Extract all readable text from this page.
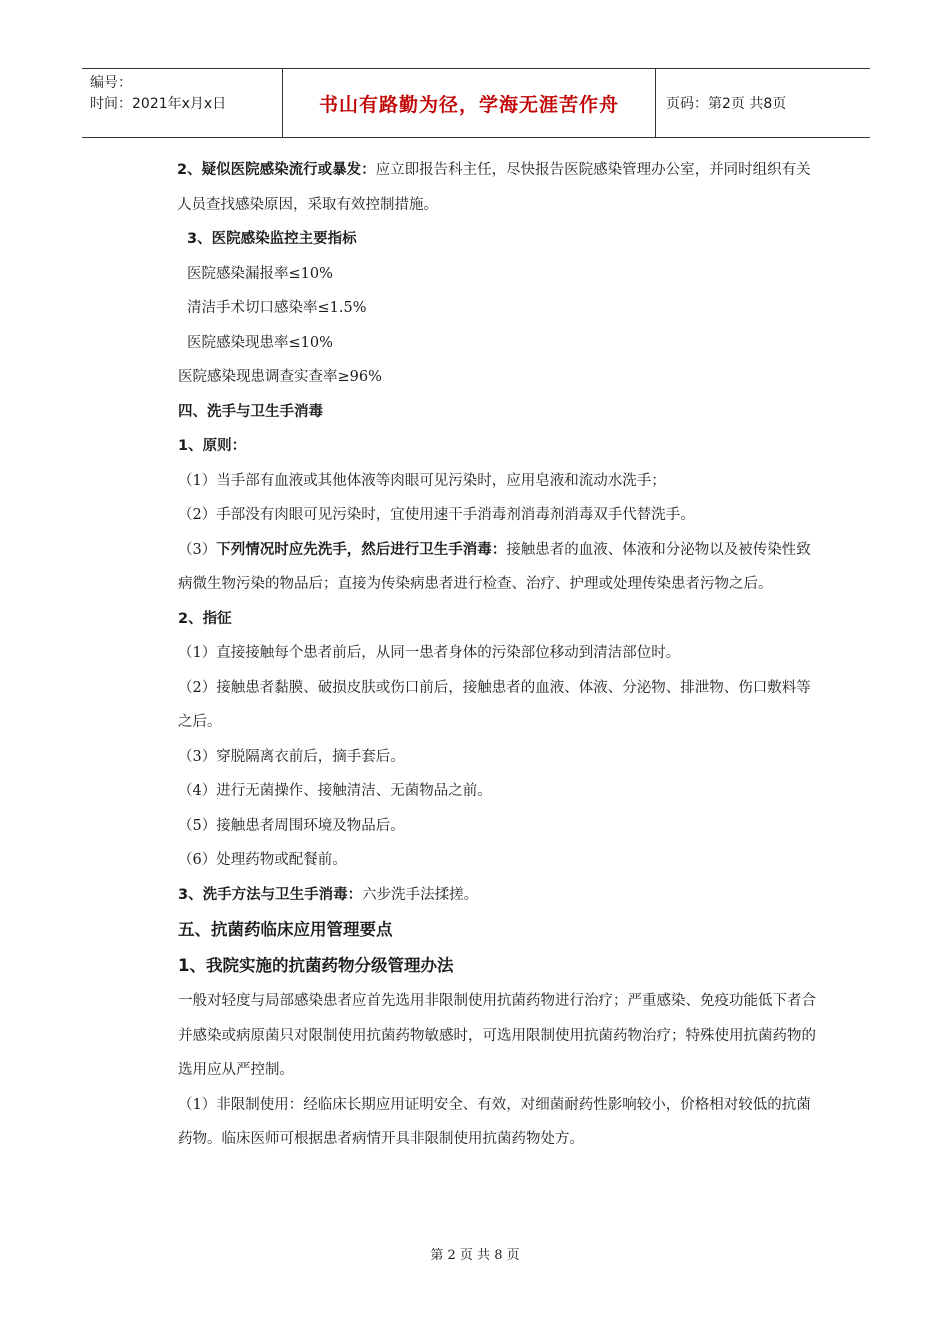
编号：
时间：2021年x月x日	书山有路勤为径，学海无涯苦作舟	页码：第2页 共8页

2、疑似医院感染流行或暴发：应立即报告科主任，尽快报告医院感染管理办公室，并同时组织有关人员查找感染原因，采取有效控制措施。

3、医院感染监控主要指标

医院感染漏报率≤10%

清洁手术切口感染率≤1.5%

医院感染现患率≤10%

医院感染现患调查实查率≥96%

四、洗手与卫生手消毒

1、原则：

（1）当手部有血液或其他体液等肉眼可见污染时，应用皂液和流动水洗手；

（2）手部没有肉眼可见污染时，宜使用速干手消毒剂消毒剂消毒双手代替洗手。

（3）下列情况时应先洗手，然后进行卫生手消毒：接触患者的血液、体液和分泌物以及被传染性致病微生物污染的物品后；直接为传染病患者进行检查、治疗、护理或处理传染患者污物之后。

2、指征

（1）直接接触每个患者前后，从同一患者身体的污染部位移动到清洁部位时。

（2）接触患者黏膜、破损皮肤或伤口前后，接触患者的血液、体液、分泌物、排泄物、伤口敷料等之后。

（3）穿脱隔离衣前后，摘手套后。

（4）进行无菌操作、接触清洁、无菌物品之前。

（5）接触患者周围环境及物品后。

（6）处理药物或配餐前。

3、洗手方法与卫生手消毒：六步洗手法揉搓。

五、抗菌药临床应用管理要点

1、我院实施的抗菌药物分级管理办法

一般对轻度与局部感染患者应首先选用非限制使用抗菌药物进行治疗；严重感染、免疫功能低下者合并感染或病原菌只对限制使用抗菌药物敏感时，可选用限制使用抗菌药物治疗；特殊使用抗菌药物的选用应从严控制。

（1）非限制使用：经临床长期应用证明安全、有效，对细菌耐药性影响较小，价格相对较低的抗菌药物。临床医师可根据患者病情开具非限制使用抗菌药物处方。

第 2 页 共 8 页
